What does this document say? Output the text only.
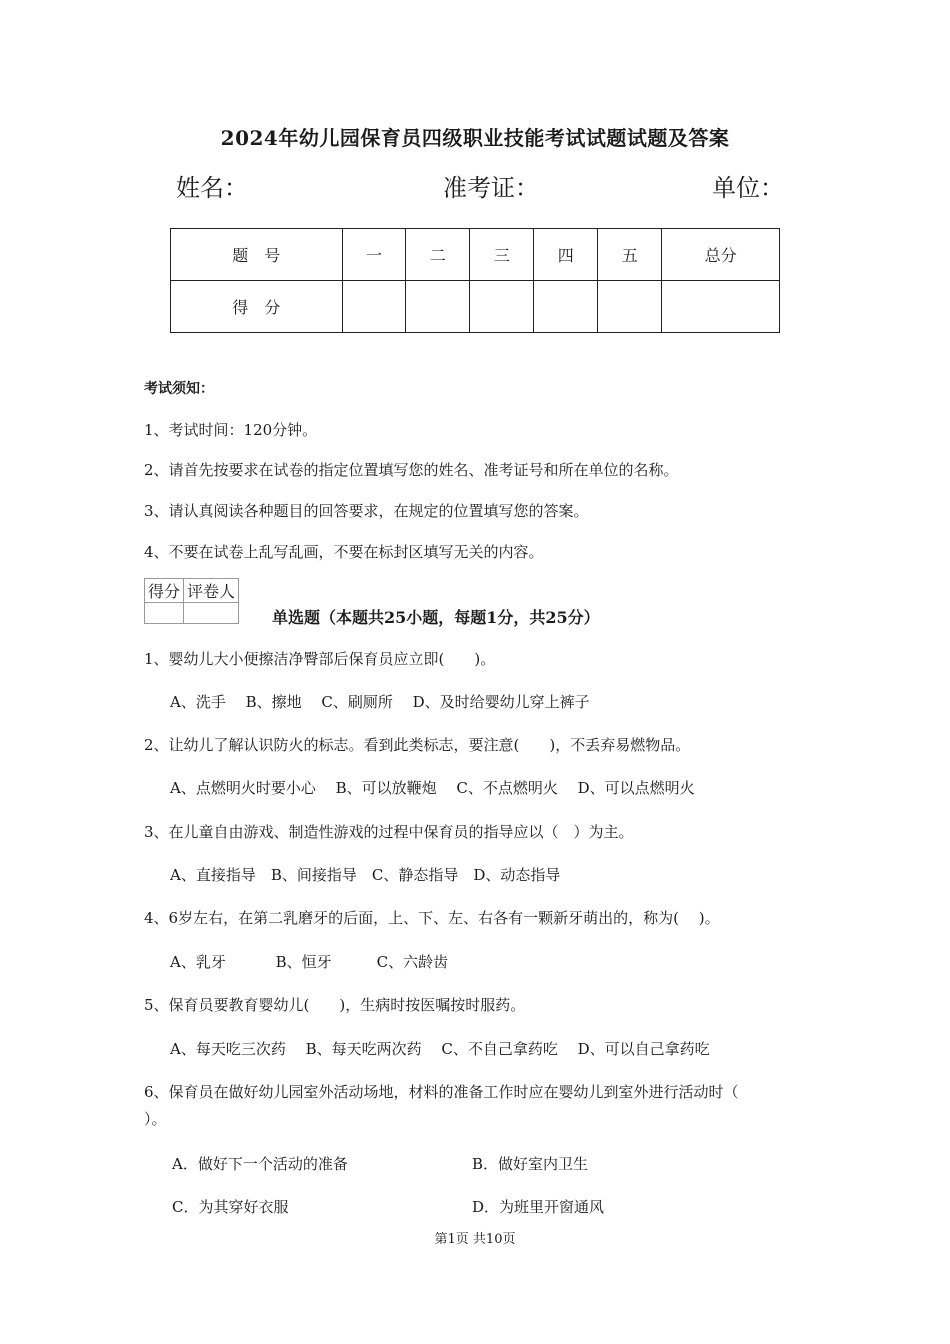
2024年幼儿园保育员四级职业技能考试试题试题及答案
姓名：	准考证：	单位：
题　号	一	二	三	四	五	总分
得　分						
考试须知：
1、考试时间：120分钟。
2、请首先按要求在试卷的指定位置填写您的姓名、准考证号和所在单位的名称。
3、请认真阅读各种题目的回答要求，在规定的位置填写您的答案。
4、不要在试卷上乱写乱画，不要在标封区填写无关的内容。
得分	评卷人

单选题（本题共25小题，每题1分，共25分）
1、婴幼儿大小便擦洁净臀部后保育员应立即(　　)。
A、洗手　 B、擦地　 C、刷厕所　 D、及时给婴幼儿穿上裤子
2、让幼儿了解认识防火的标志。看到此类标志，要注意(　　)，不丢弃易燃物品。
A、点燃明火时要小心　 B、可以放鞭炮　 C、不点燃明火　 D、可以点燃明火
3、在儿童自由游戏、制造性游戏的过程中保育员的指导应以（　）为主。
A、直接指导　B、间接指导　C、静态指导　D、动态指导
4、6岁左右，在第二乳磨牙的后面，上、下、左、右各有一颗新牙萌出的，称为(　 )。
A、乳牙　　　 B、恒牙　　　C、六龄齿
5、保育员要教育婴幼儿(　　)，生病时按医嘱按时服药。
A、每天吃三次药　 B、每天吃两次药　 C、不自己拿药吃　 D、可以自己拿药吃
6、保育员在做好幼儿园室外活动场地，材料的准备工作时应在婴幼儿到室外进行活动时（
）。
A．做好下一个活动的准备	B．做好室内卫生
C．为其穿好衣服	D．为班里开窗通风
第1页 共10页
